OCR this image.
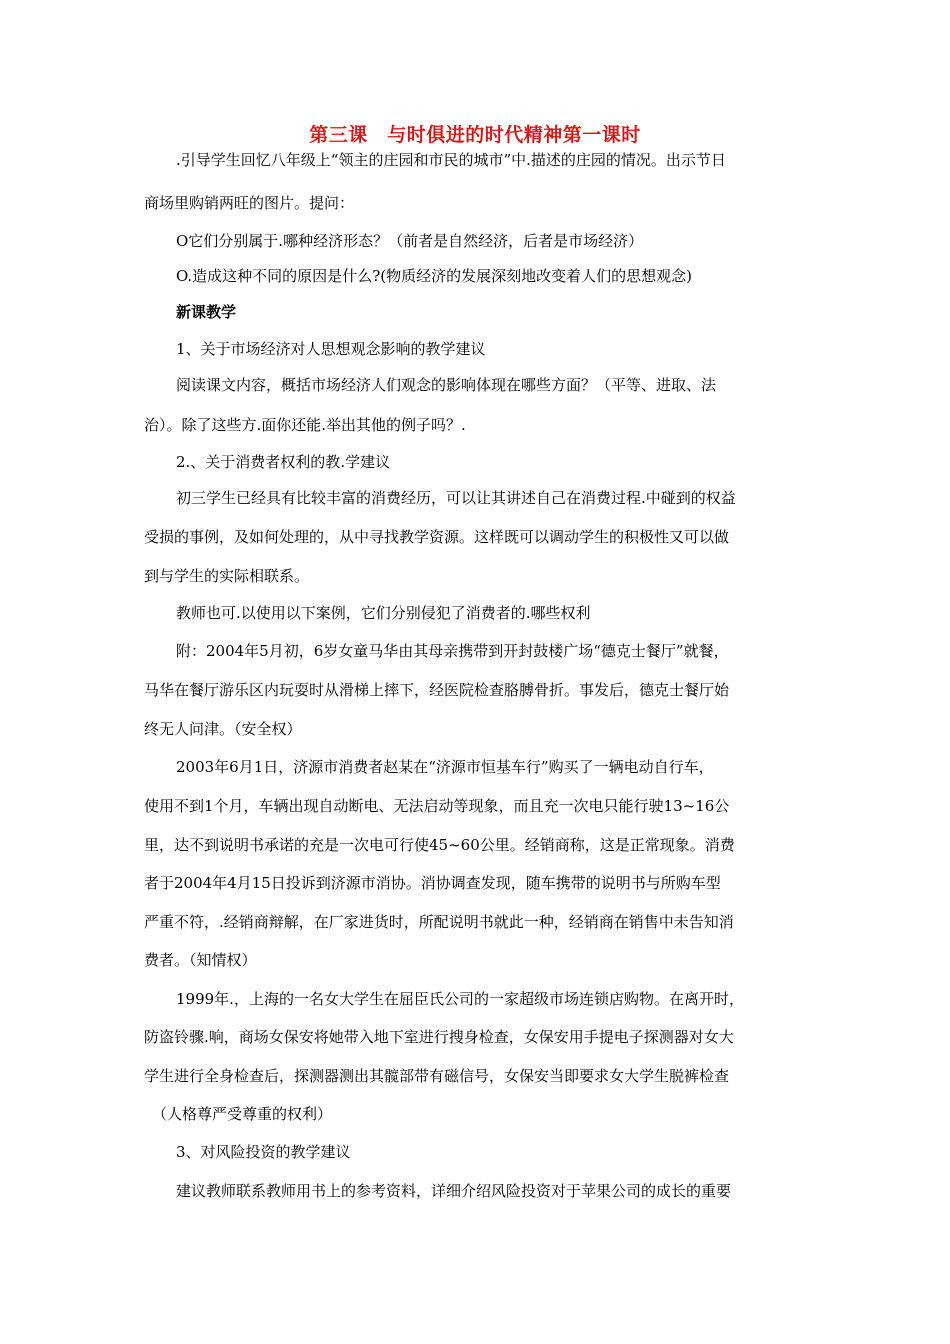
第三课　与时俱进的时代精神第一课时
.引导学生回忆八年级上“领主的庄园和市民的城市”中.描述的庄园的情况。出示节日
商场里购销两旺的图片。提问：
O它们分别属于.哪种经济形态？（前者是自然经济，后者是市场经济）
O.造成这种不同的原因是什么?(物质经济的发展深刻地改变着人们的思想观念)
新课教学
1、关于市场经济对人思想观念影响的教学建议
阅读课文内容，概括市场经济人们观念的影响体现在哪些方面？（平等、进取、法
治）。除了这些方.面你还能.举出其他的例子吗？.
2.、关于消费者权利的教.学建议
初三学生已经具有比较丰富的消费经历，可以让其讲述自己在消费过程.中碰到的权益
受损的事例，及如何处理的，从中寻找教学资源。这样既可以调动学生的积极性又可以做
到与学生的实际相联系。
教师也可.以使用以下案例，它们分别侵犯了消费者的.哪些权利
附：2004年5月初，6岁女童马华由其母亲携带到开封鼓楼广场“德克士餐厅”就餐，
马华在餐厅游乐区内玩耍时从滑梯上摔下，经医院检查胳膊骨折。事发后，德克士餐厅始
终无人问津。（安全权）
2003年6月1日，济源市消费者赵某在“济源市恒基车行”购买了一辆电动自行车，
使用不到1个月，车辆出现自动断电、无法启动等现象，而且充一次电只能行驶13~16公
里，达不到说明书承诺的充是一次电可行使45~60公里。经销商称，这是正常现象。消费
者于2004年4月15日投诉到济源市消协。消协调查发现，随车携带的说明书与所购车型
严重不符，.经销商辩解，在厂家进货时，所配说明书就此一种，经销商在销售中未告知消
费者。（知情权）
1999年.，上海的一名女大学生在屈臣氏公司的一家超级市场连锁店购物。在离开时，
防盗铃骤.响，商场女保安将她带入地下室进行搜身检查，女保安用手提电子探测器对女大
学生进行全身检查后，探测器测出其髋部带有磁信号，女保安当即要求女大学生脱裤检查
（人格尊严受尊重的权利）
3、对风险投资的教学建议
建议教师联系教师用书上的参考资料，详细介绍风险投资对于苹果公司的成长的重要
